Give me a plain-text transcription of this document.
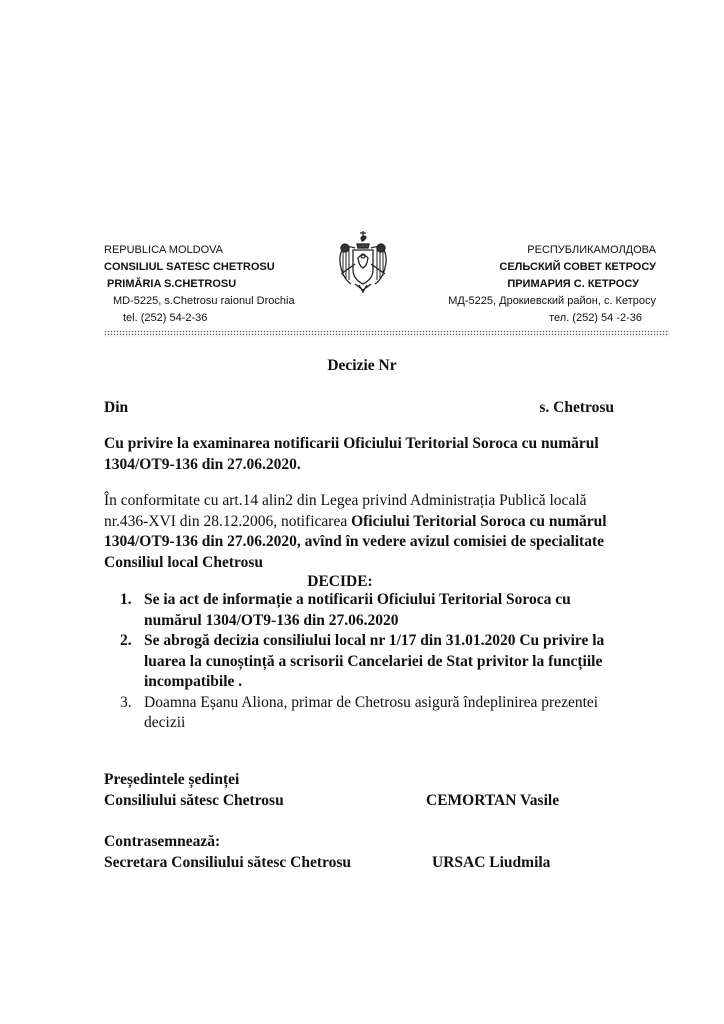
REPUBLICA MOLDOVA
CONSILIUL SATESC CHETROSU
PRIMĂRIA S.CHETROSU
MD-5225, s.Chetrosu raionul Drochia
tel. (252) 54-2-36
РЕСПУБЛИКАМОЛДОВА
СЕЛЬСКИЙ СОВЕТ КЕТРОСУ
ПРИМАРИЯ С. КЕТРОСУ
МД-5225, Дрокиевский район, с. Кетросу
тел. (252) 54 -2-36
Decizie Nr
Din	s. Chetrosu
Cu privire la examinarea notificarii Oficiului Teritorial Soroca cu numărul
1304/OT9-136 din 27.06.2020.
În conformitate cu art.14 alin2 din Legea privind Administrația Publică locală nr.436-XVI din 28.12.2006, notificarea Oficiului Teritorial Soroca cu numărul 1304/OT9-136 din 27.06.2020, avînd în vedere avizul comisiei de specialitate Consiliul local Chetrosu
DECIDE:
1. Se ia act de informație a notificarii Oficiului Teritorial Soroca cu numărul 1304/OT9-136 din 27.06.2020
2. Se abrogă decizia consiliului local nr 1/17 din 31.01.2020 Cu privire la luarea la cunoștință a scrisorii Cancelariei de Stat privitor la funcțiile incompatibile .
3. Doamna Eșanu Aliona, primar de Chetrosu asigură îndeplinirea prezentei decizii
Președintele ședinței
Consiliului sătesc Chetrosu	CEMORTAN Vasile
Contrasemnează:
Secretara Consiliului sătesc Chetrosu	URSAC Liudmila
